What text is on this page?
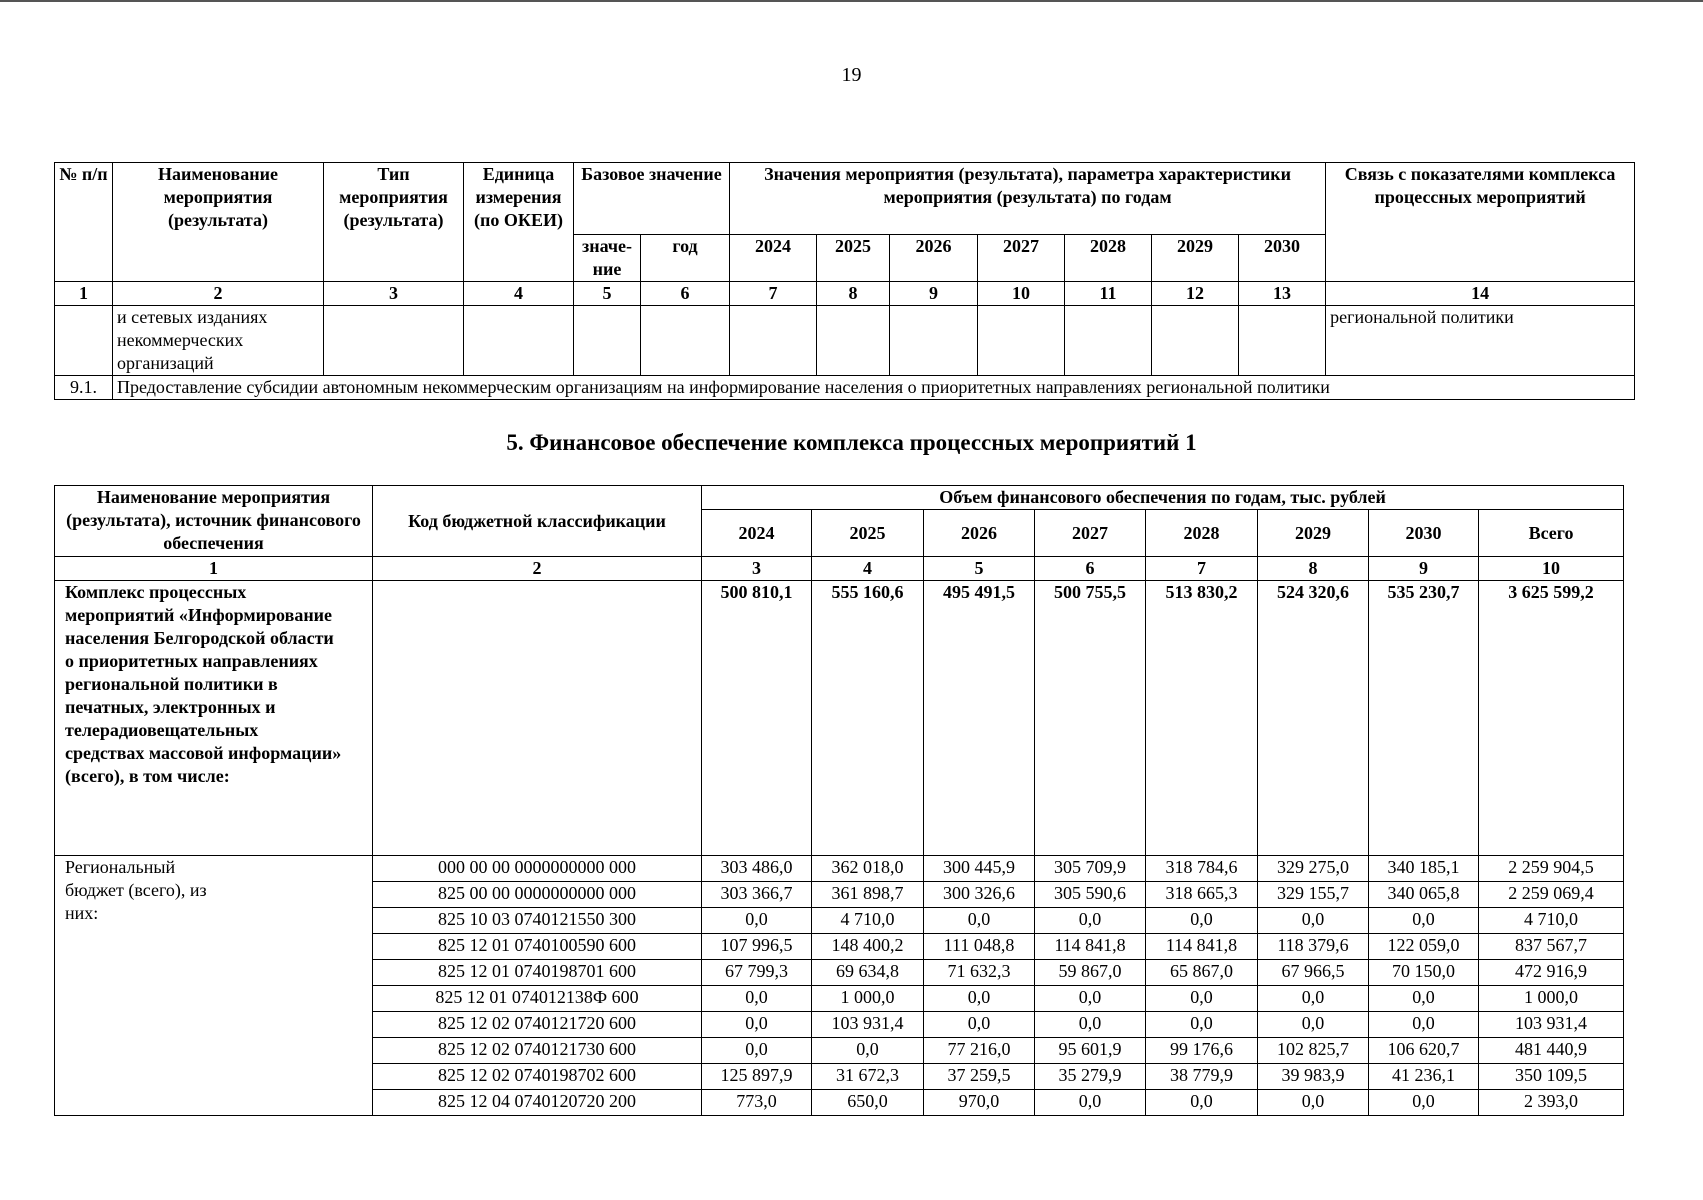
19
№ п/п	Наименование мероприятия (результата)	Тип мероприятия (результата)	Единица измерения (по ОКЕИ)	Базовое значение		Значения мероприятия (результата), параметра характеристики мероприятия (результата) по годам							Связь с показателями комплекса процессных мероприятий
				значе-ние	год	2024	2025	2026	2027	2028	2029	2030	
1	2	3	4	5	6	7	8	9	10	11	12	13	14
	и сетевых изданиях некоммерческих организаций												региональной политики
9.1.	Предоставление субсидии автономным некоммерческим организациям на информирование населения о приоритетных направлениях региональной политики												
5. Финансовое обеспечение комплекса процессных мероприятий 1
Наименование мероприятия (результата), источник финансового обеспечения	Код бюджетной классификации	Объем финансового обеспечения по годам, тыс. рублей							
		2024	2025	2026	2027	2028	2029	2030	Всего
1	2	3	4	5	6	7	8	9	10
Комплекс процессных мероприятий «Информирование населения Белгородской области о приоритетных направлениях региональной политики в печатных, электронных и телерадиовещательных средствах массовой информации» (всего), в том числе:		500 810,1	555 160,6	495 491,5	500 755,5	513 830,2	524 320,6	535 230,7	3 625 599,2
Региональный бюджет (всего), из них:	000 00 00 0000000000 000	303 486,0	362 018,0	300 445,9	305 709,9	318 784,6	329 275,0	340 185,1	2 259 904,5
	825 00 00 0000000000 000	303 366,7	361 898,7	300 326,6	305 590,6	318 665,3	329 155,7	340 065,8	2 259 069,4
	825 10 03 0740121550 300	0,0	4 710,0	0,0	0,0	0,0	0,0	0,0	4 710,0
	825 12 01 0740100590 600	107 996,5	148 400,2	111 048,8	114 841,8	114 841,8	118 379,6	122 059,0	837 567,7
	825 12 01 0740198701 600	67 799,3	69 634,8	71 632,3	59 867,0	65 867,0	67 966,5	70 150,0	472 916,9
	825 12 01 074012138Ф 600	0,0	1 000,0	0,0	0,0	0,0	0,0	0,0	1 000,0
	825 12 02 0740121720 600	0,0	103 931,4	0,0	0,0	0,0	0,0	0,0	103 931,4
	825 12 02 0740121730 600	0,0	0,0	77 216,0	95 601,9	99 176,6	102 825,7	106 620,7	481 440,9
	825 12 02 0740198702 600	125 897,9	31 672,3	37 259,5	35 279,9	38 779,9	39 983,9	41 236,1	350 109,5
	825 12 04 0740120720 200	773,0	650,0	970,0	0,0	0,0	0,0	0,0	2 393,0
